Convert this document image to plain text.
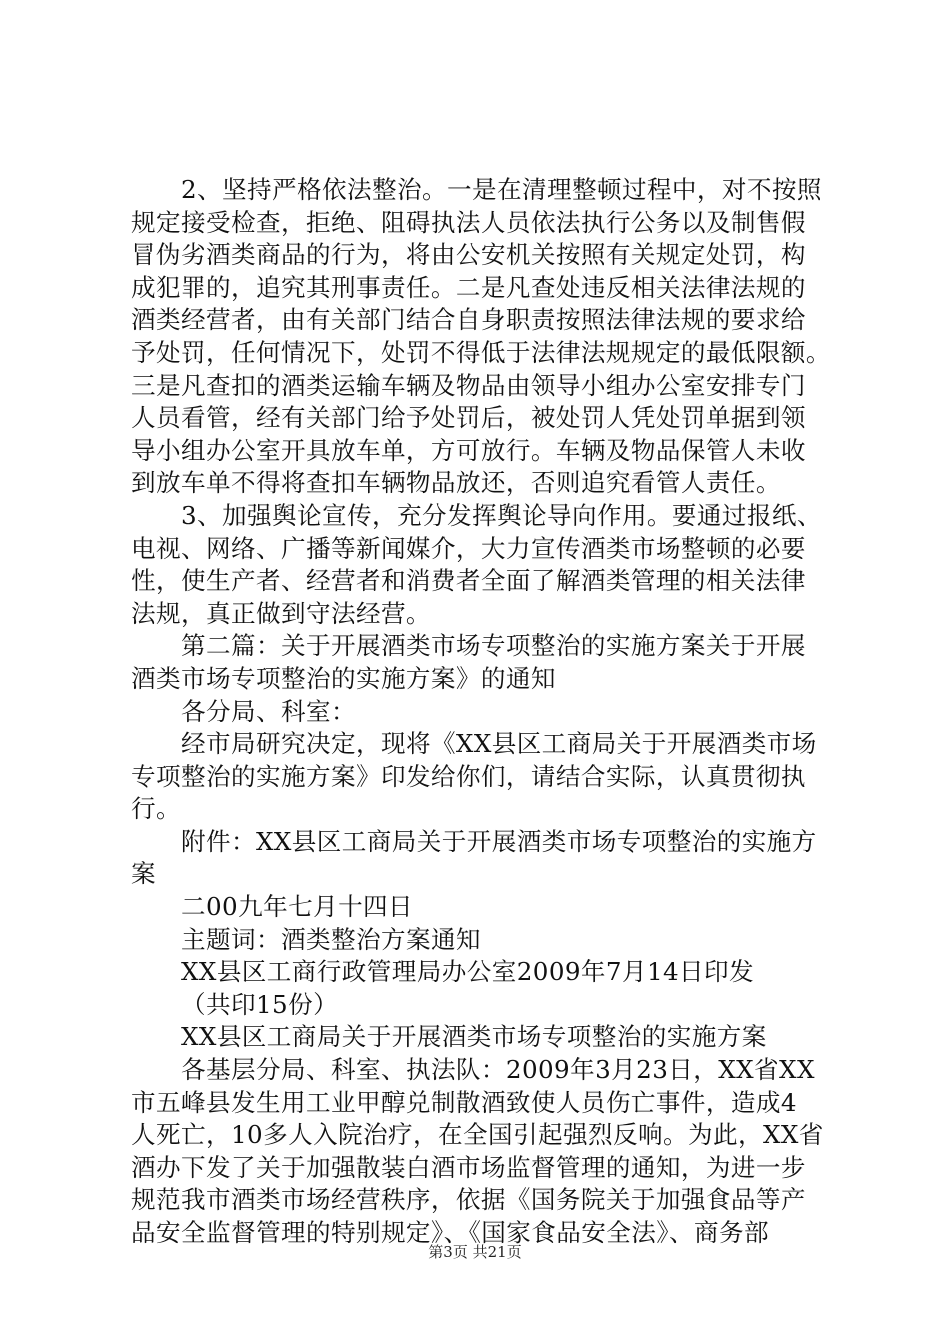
2、坚持严格依法整治。一是在清理整顿过程中，对不按照

规定接受检查，拒绝、阻碍执法人员依法执行公务以及制售假

冒伪劣酒类商品的行为，将由公安机关按照有关规定处罚，构

成犯罪的，追究其刑事责任。二是凡查处违反相关法律法规的

酒类经营者，由有关部门结合自身职责按照法律法规的要求给

予处罚，任何情况下，处罚不得低于法律法规规定的最低限额。

三是凡查扣的酒类运输车辆及物品由领导小组办公室安排专门

人员看管，经有关部门给予处罚后，被处罚人凭处罚单据到领

导小组办公室开具放车单，方可放行。车辆及物品保管人未收

到放车单不得将查扣车辆物品放还，否则追究看管人责任。

3、加强舆论宣传，充分发挥舆论导向作用。要通过报纸、

电视、网络、广播等新闻媒介，大力宣传酒类市场整顿的必要

性，使生产者、经营者和消费者全面了解酒类管理的相关法律

法规，真正做到守法经营。

第二篇：关于开展酒类市场专项整治的实施方案关于开展

酒类市场专项整治的实施方案》的通知

各分局、科室：

经市局研究决定，现将《XX县区工商局关于开展酒类市场

专项整治的实施方案》印发给你们，请结合实际，认真贯彻执

行。

附件：XX县区工商局关于开展酒类市场专项整治的实施方

案

二00九年七月十四日

主题词：酒类整治方案通知

XX县区工商行政管理局办公室2009年7月14日印发

（共印15份）

XX县区工商局关于开展酒类市场专项整治的实施方案

各基层分局、科室、执法队：2009年3月23日，XX省XX

市五峰县发生用工业甲醇兑制散酒致使人员伤亡事件，造成4

人死亡，10多人入院治疗，在全国引起强烈反响。为此，XX省

酒办下发了关于加强散装白酒市场监督管理的通知，为进一步

规范我市酒类市场经营秩序，依据《国务院关于加强食品等产

品安全监督管理的特别规定》、《国家食品安全法》、商务部

第3页 共21页
